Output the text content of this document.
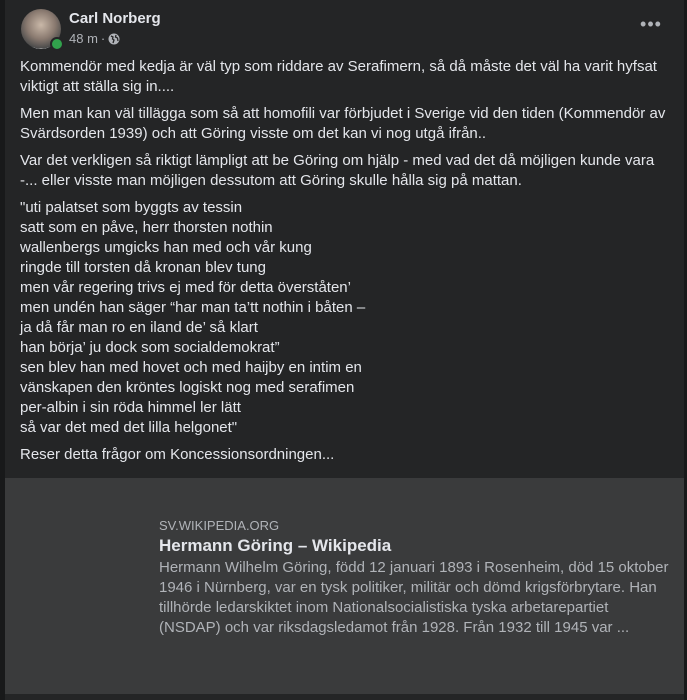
Carl Norberg
48 m ·
•••

Kommendör med kedja är väl typ som riddare av Serafimern, så då måste det väl ha varit hyfsat viktigt att ställa sig in....

Men man kan väl tillägga som så att homofili var förbjudet i Sverige vid den tiden (Kommendör av Svärdsorden 1939) och att Göring visste om det kan vi nog utgå ifrån..

Var det verkligen så riktigt lämpligt att be Göring om hjälp - med vad det då möjligen kunde vara -... eller visste man möjligen dessutom att Göring skulle hålla sig på mattan.

"uti palatset som byggts av tessin
satt som en påve, herr thorsten nothin
wallenbergs umgicks han med och vår kung
ringde till torsten då kronan blev tung
men vår regering trivs ej med för detta överståten’
men undén han säger “har man ta’tt nothin i båten –
ja då får man ro en iland de’ så klart
han börja’ ju dock som socialdemokrat”
sen blev han med hovet och med haijby en intim en
vänskapen den kröntes logiskt nog med serafimen
per-albin i sin röda himmel ler lätt
så var det med det lilla helgonet"

Reser detta frågor om Koncessionsordningen...

SV.WIKIPEDIA.ORG
Hermann Göring – Wikipedia
Hermann Wilhelm Göring, född 12 januari 1893 i Rosenheim, död 15 oktober 1946 i Nürnberg, var en tysk politiker, militär och dömd krigsförbrytare. Han tillhörde ledarskiktet inom Nationalsocialistiska tyska arbetarepartiet (NSDAP) och var riksdagsledamot från 1928. Från 1932 till 1945 var ...
